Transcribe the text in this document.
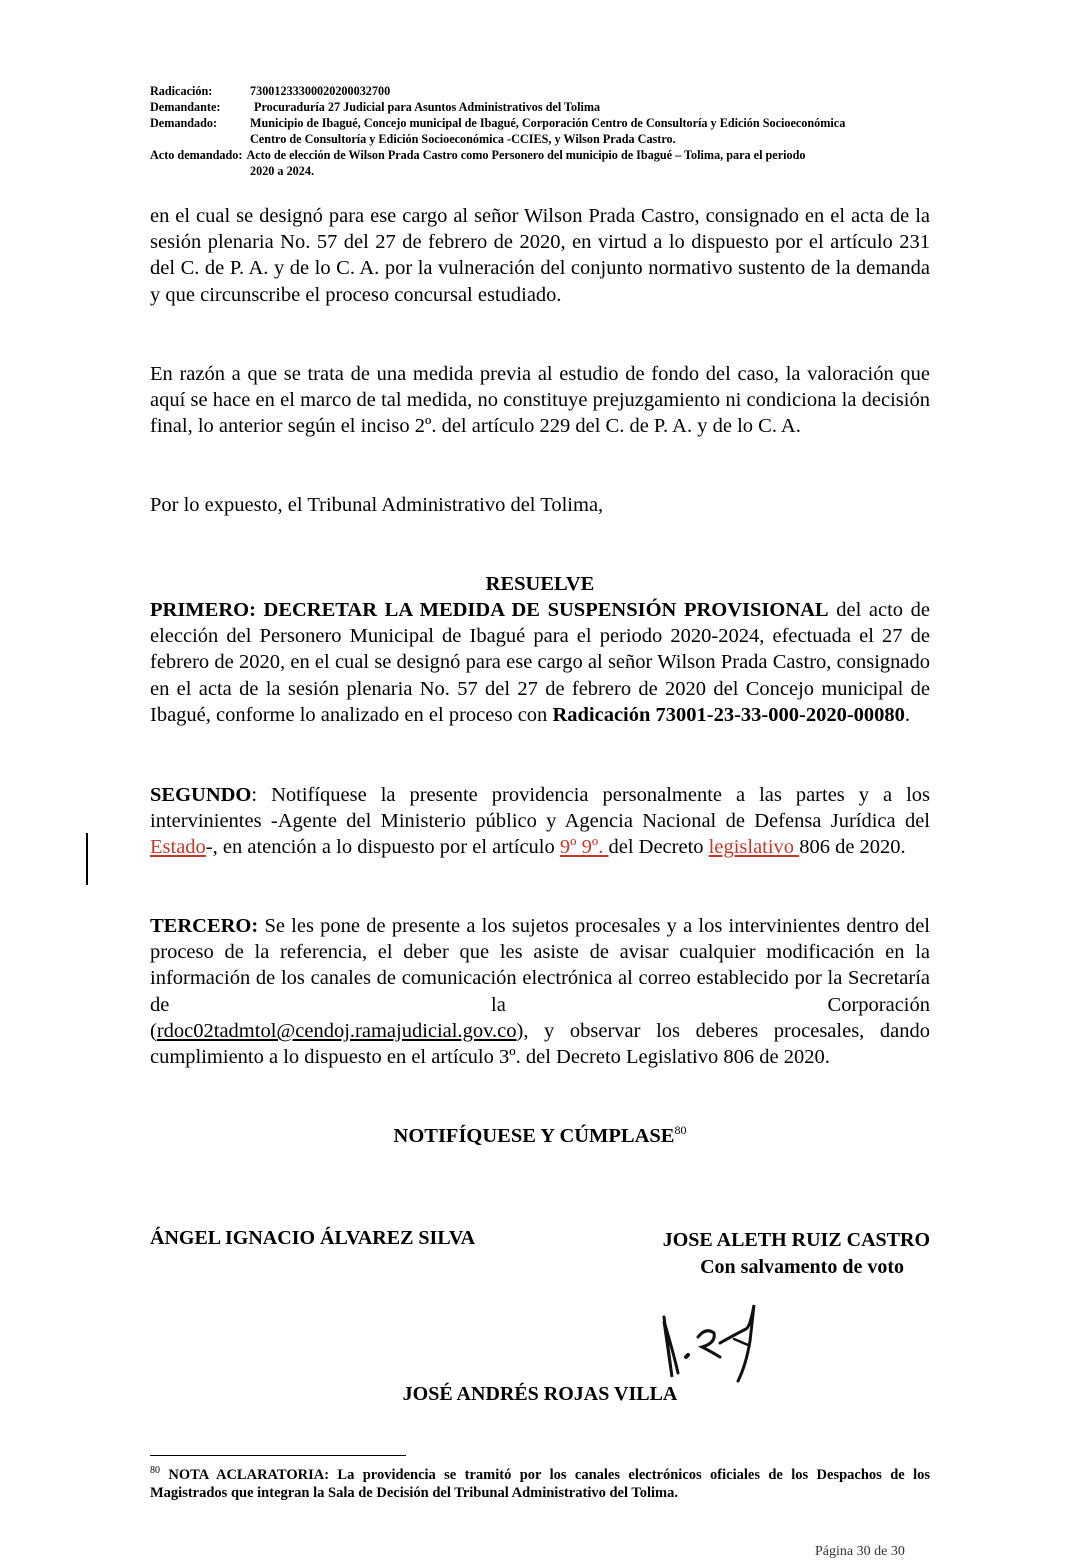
Radicación:	73001233300020200032700
Demandante:	Procuraduría 27 Judicial para Asuntos Administrativos del Tolima
Demandado:	Municipio de Ibagué, Concejo municipal de Ibagué, Corporación Centro de Consultoría y Edición Socioeconómica
Centro de Consultoría y Edición Socioeconómica -CCIES, y Wilson Prada Castro.
Acto demandado: Acto de elección de Wilson Prada Castro como Personero del municipio de Ibagué – Tolima, para el periodo
2020 a 2024.

en el cual se designó para ese cargo al señor Wilson Prada Castro, consignado en el acta de la sesión plenaria No. 57 del 27 de febrero de 2020, en virtud a lo dispuesto por el artículo 231 del C. de P. A. y de lo C. A. por la vulneración del conjunto normativo sustento de la demanda y que circunscribe el proceso concursal estudiado.

En razón a que se trata de una medida previa al estudio de fondo del caso, la valoración que aquí se hace en el marco de tal medida, no constituye prejuzgamiento ni condiciona la decisión final, lo anterior según el inciso 2º. del artículo 229 del C. de P. A. y de lo C. A.

Por lo expuesto, el Tribunal Administrativo del Tolima,

RESUELVE

PRIMERO: DECRETAR LA MEDIDA DE SUSPENSIÓN PROVISIONAL del acto de elección del Personero Municipal de Ibagué para el periodo 2020-2024, efectuada el 27 de febrero de 2020, en el cual se designó para ese cargo al señor Wilson Prada Castro, consignado en el acta de la sesión plenaria No. 57 del 27 de febrero de 2020 del Concejo municipal de Ibagué, conforme lo analizado en el proceso con Radicación 73001-23-33-000-2020-00080.

SEGUNDO: Notifíquese la presente providencia personalmente a las partes y a los intervinientes -Agente del Ministerio público y Agencia Nacional de Defensa Jurídica del Estado-, en atención a lo dispuesto por el artículo 9º 9º. del Decreto legislativo 806 de 2020.

TERCERO: Se les pone de presente a los sujetos procesales y a los intervinientes dentro del proceso de la referencia, el deber que les asiste de avisar cualquier modificación en la información de los canales de comunicación electrónica al correo establecido por la Secretaría de la Corporación

(rdoc02tadmtol@cendoj.ramajudicial.gov.co), y observar los deberes procesales, dando cumplimiento a lo dispuesto en el artículo 3º. del Decreto Legislativo 806 de 2020.

NOTIFÍQUESE Y CÚMPLASE$^{80}$
ÁNGEL IGNACIO ÁLVAREZ SILVA	JOSE ALETH RUIZ CASTRO
Con salvamento de voto
JOSÉ ANDRÉS ROJAS VILLA
$^{80}$ NOTA ACLARATORIA: La providencia se tramitó por los canales electrónicos oficiales de los Despachos de los Magistrados que integran la Sala de Decisión del Tribunal Administrativo del Tolima.
Página 30 de 30
